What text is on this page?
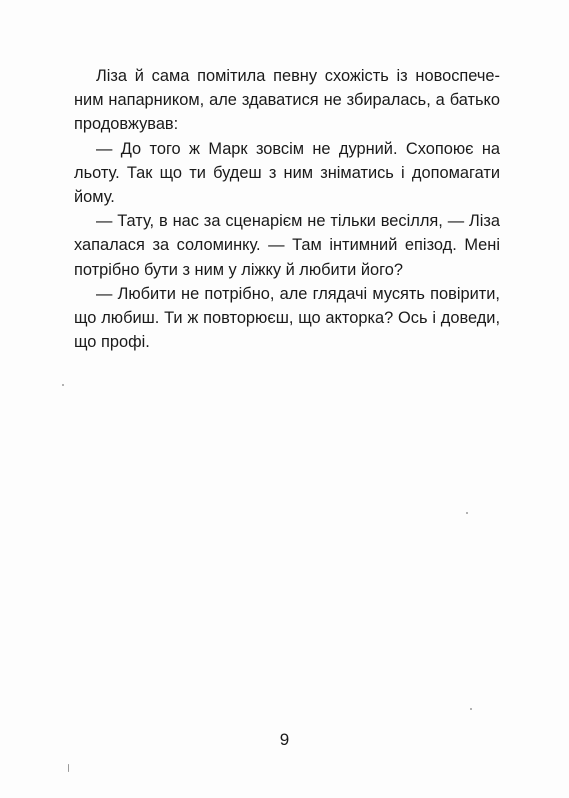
Ліза й сама помітила певну схожість із новоспеченим напарником, але здаватися не збиралась, а батько продовжував:

— До того ж Марк зовсім не дурний. Схопоює на льоту. Так що ти будеш з ним зніматись і допомагати йому.

— Тату, в нас за сценарієм не тільки весілля, — Ліза хапалася за соломинку. — Там інтимний епізод. Мені потрібно бути з ним у ліжку й любити його?

— Любити не потрібно, але глядачі мусять повірити, що любиш. Ти ж повторюєш, що акторка? Ось і доведи, що профі.

9
